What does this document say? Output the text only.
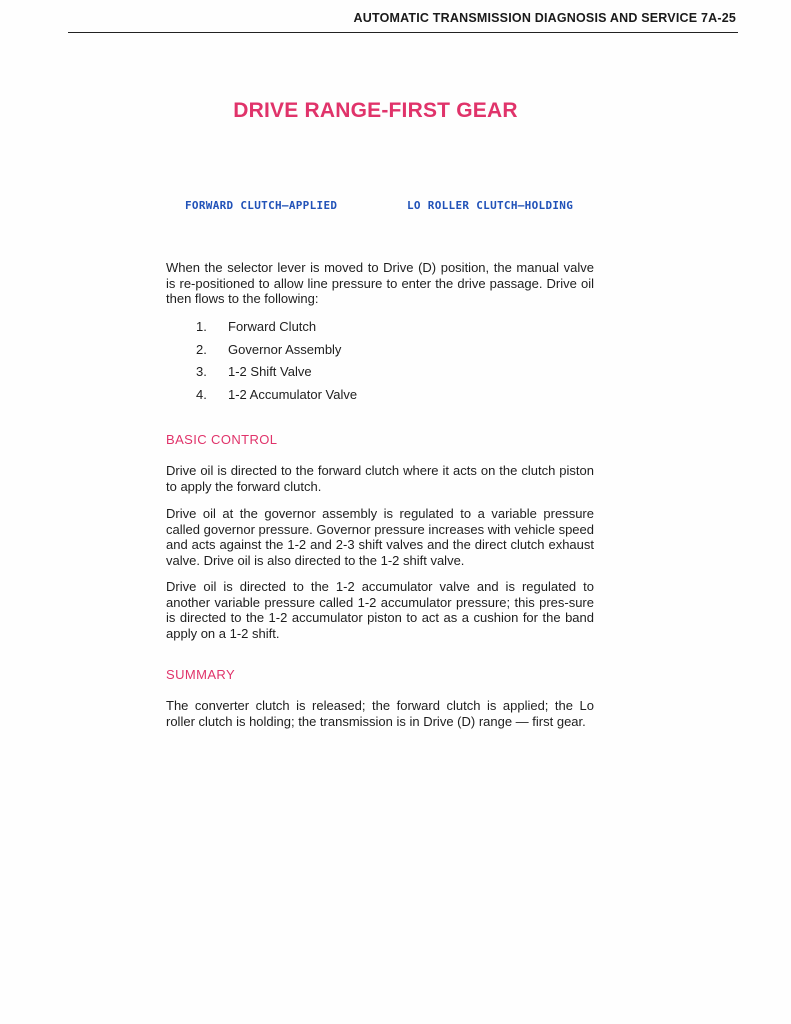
AUTOMATIC TRANSMISSION DIAGNOSIS AND SERVICE 7A-25
DRIVE RANGE-FIRST GEAR
FORWARD CLUTCH–APPLIED	LO ROLLER CLUTCH–HOLDING

When the selector lever is moved to Drive (D) position, the manual valve is re-positioned to allow line pressure to enter the drive passage. Drive oil then flows to the following:

1. Forward Clutch
2. Governor Assembly
3. 1-2 Shift Valve
4. 1-2 Accumulator Valve
BASIC CONTROL

Drive oil is directed to the forward clutch where it acts on the clutch piston to apply the forward clutch.

Drive oil at the governor assembly is regulated to a variable pressure called governor pressure. Governor pressure increases with vehicle speed and acts against the 1-2 and 2-3 shift valves and the direct clutch exhaust valve. Drive oil is also directed to the 1-2 shift valve.

Drive oil is directed to the 1-2 accumulator valve and is regulated to another variable pressure called 1-2 accumulator pressure; this pres-sure is directed to the 1-2 accumulator piston to act as a cushion for the band apply on a 1-2 shift.

SUMMARY

The converter clutch is released; the forward clutch is applied; the Lo roller clutch is holding; the transmission is in Drive (D) range — first gear.
